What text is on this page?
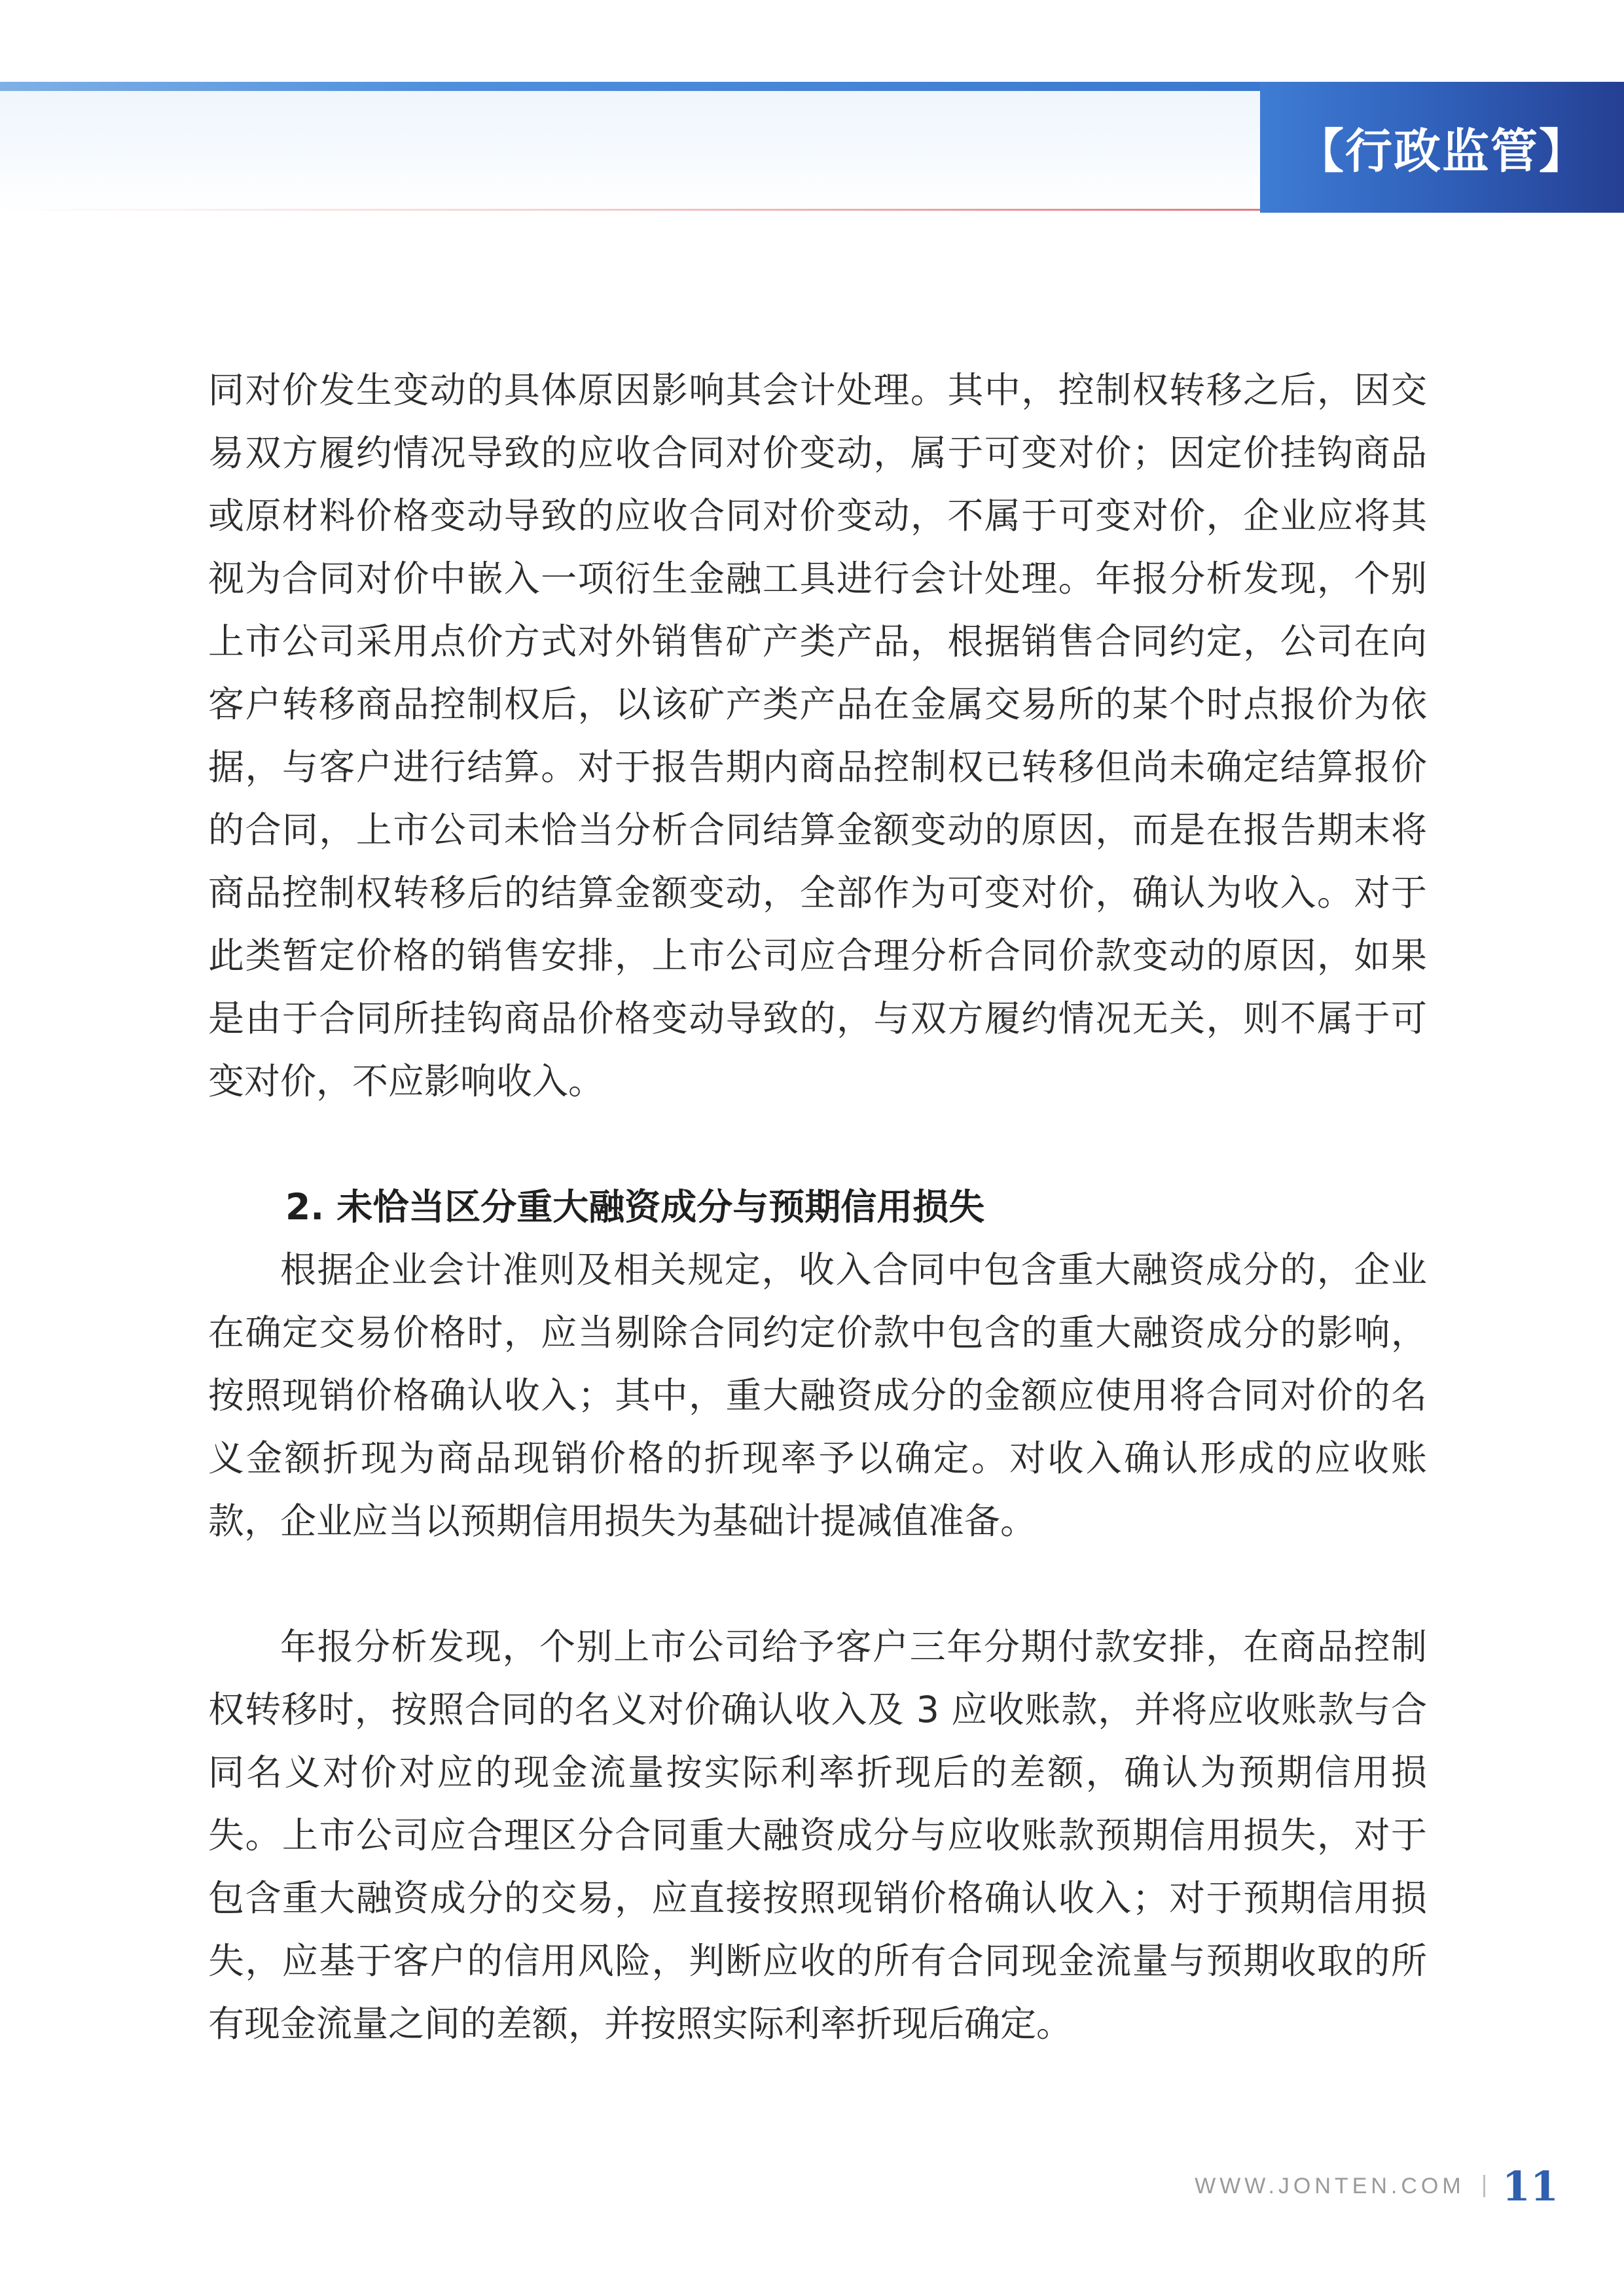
【行政监管】

同对价发生变动的具体原因影响其会计处理。其中，控制权转移之后，因交易双方履约情况导致的应收合同对价变动，属于可变对价；因定价挂钩商品或原材料价格变动导致的应收合同对价变动，不属于可变对价，企业应将其视为合同对价中嵌入一项衍生金融工具进行会计处理。年报分析发现，个别上市公司采用点价方式对外销售矿产类产品，根据销售合同约定，公司在向客户转移商品控制权后，以该矿产类产品在金属交易所的某个时点报价为依据，与客户进行结算。对于报告期内商品控制权已转移但尚未确定结算报价的合同，上市公司未恰当分析合同结算金额变动的原因，而是在报告期末将商品控制权转移后的结算金额变动，全部作为可变对价，确认为收入。对于此类暂定价格的销售安排，上市公司应合理分析合同价款变动的原因，如果是由于合同所挂钩商品价格变动导致的，与双方履约情况无关，则不属于可变对价，不应影响收入。

2. 未恰当区分重大融资成分与预期信用损失

根据企业会计准则及相关规定，收入合同中包含重大融资成分的，企业在确定交易价格时，应当剔除合同约定价款中包含的重大融资成分的影响，按照现销价格确认收入；其中，重大融资成分的金额应使用将合同对价的名义金额折现为商品现销价格的折现率予以确定。对收入确认形成的应收账款，企业应当以预期信用损失为基础计提减值准备。

年报分析发现，个别上市公司给予客户三年分期付款安排，在商品控制权转移时，按照合同的名义对价确认收入及 3 应收账款，并将应收账款与合同名义对价对应的现金流量按实际利率折现后的差额，确认为预期信用损失。上市公司应合理区分合同重大融资成分与应收账款预期信用损失，对于包含重大融资成分的交易，应直接按照现销价格确认收入；对于预期信用损失，应基于客户的信用风险，判断应收的所有合同现金流量与预期收取的所有现金流量之间的差额，并按照实际利率折现后确定。

WWW.JONTEN.COM 11
